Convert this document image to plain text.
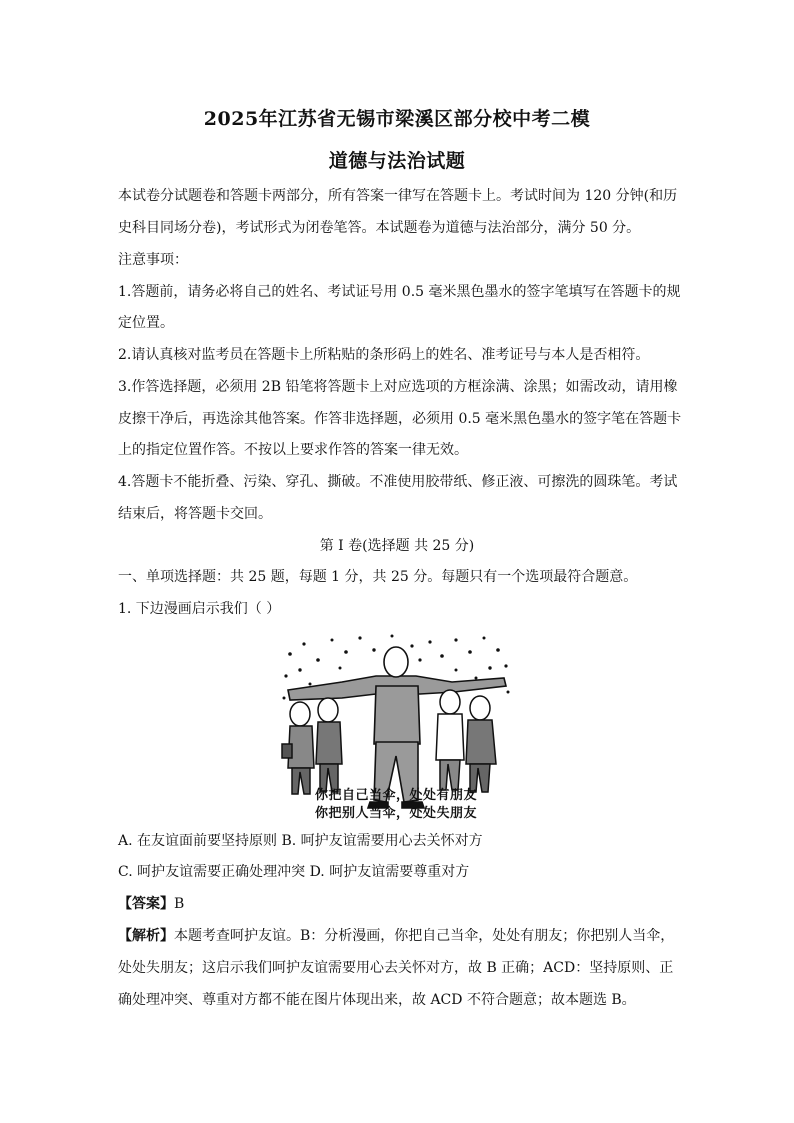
2025年江苏省无锡市梁溪区部分校中考二模
道德与法治试题
本试卷分试题卷和答题卡两部分，所有答案一律写在答题卡上。考试时间为 120 分钟(和历
史科目同场分卷)，考试形式为闭卷笔答。本试题卷为道德与法治部分，满分 50 分。
注意事项：
1.答题前，请务必将自己的姓名、考试证号用 0.5 毫米黑色墨水的签字笔填写在答题卡的规
定位置。
2.请认真核对监考员在答题卡上所粘贴的条形码上的姓名、准考证号与本人是否相符。
3.作答选择题，必须用 2B 铅笔将答题卡上对应选项的方框涂满、涂黑；如需改动，请用橡
皮擦干净后，再选涂其他答案。作答非选择题，必须用 0.5 毫米黑色墨水的签字笔在答题卡
上的指定位置作答。不按以上要求作答的答案一律无效。
4.答题卡不能折叠、污染、穿孔、撕破。不准使用胶带纸、修正液、可擦洗的圆珠笔。考试
结束后，将答题卡交回。
第 I 卷(选择题 共 25 分)
一、单项选择题：共 25 题，每题 1 分，共 25 分。每题只有一个选项最符合题意。
1. 下边漫画启示我们（ ）
你把自己当伞，处处有朋友
你把别人当伞，处处失朋友
A. 在友谊面前要坚持原则 B. 呵护友谊需要用心去关怀对方
C. 呵护友谊需要正确处理冲突 D. 呵护友谊需要尊重对方
【答案】B
【解析】本题考查呵护友谊。B：分析漫画，你把自己当伞，处处有朋友；你把别人当伞，
处处失朋友；这启示我们呵护友谊需要用心去关怀对方，故 B 正确；ACD：坚持原则、正
确处理冲突、尊重对方都不能在图片体现出来，故 ACD 不符合题意；故本题选 B。
